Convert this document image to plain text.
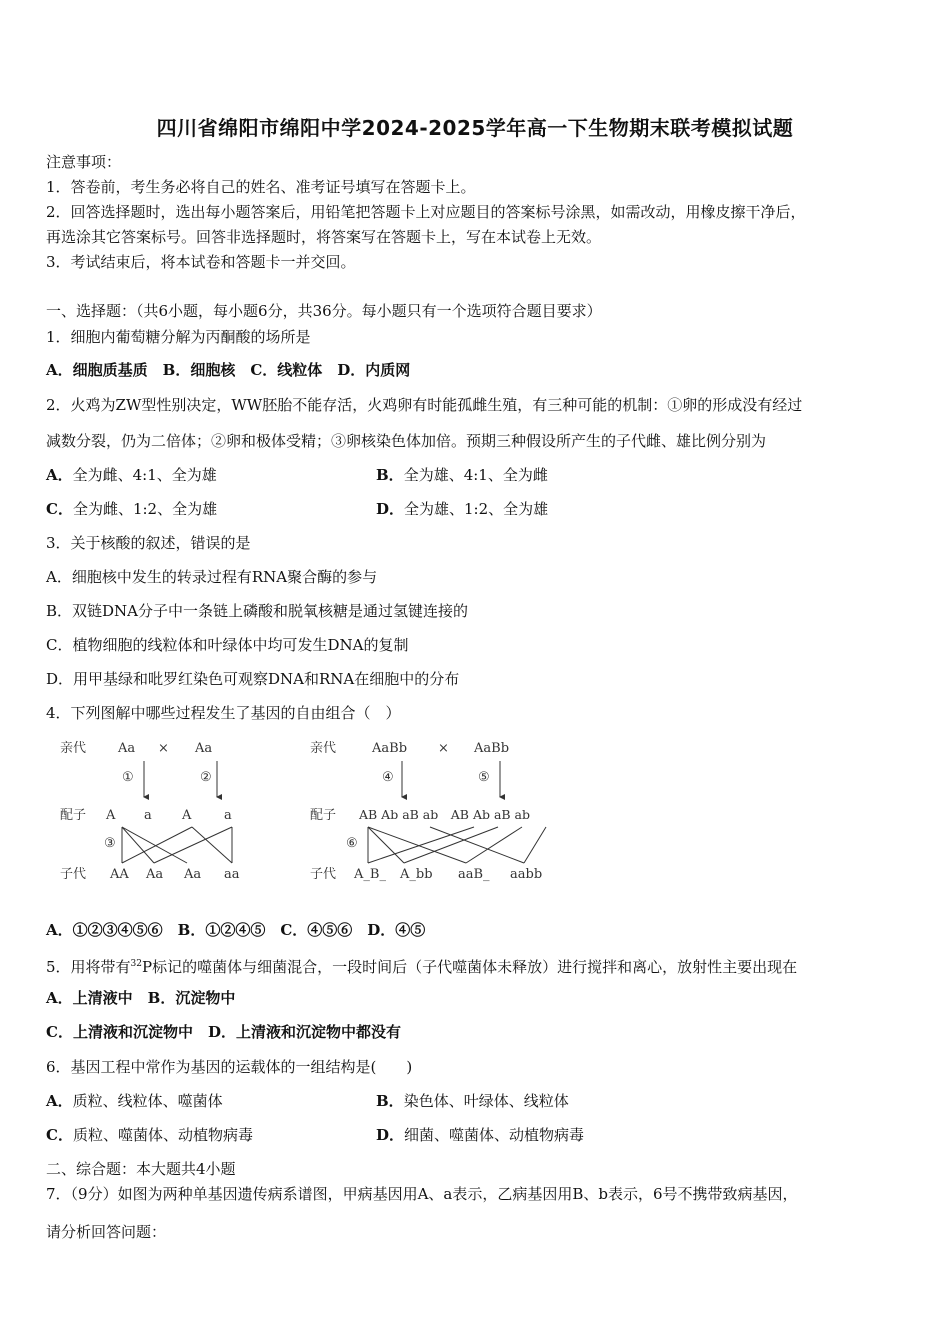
四川省绵阳市绵阳中学2024-2025学年高一下生物期末联考模拟试题
注意事项：
1．答卷前，考生务必将自己的姓名、准考证号填写在答题卡上。
2．回答选择题时，选出每小题答案后，用铅笔把答题卡上对应题目的答案标号涂黑，如需改动，用橡皮擦干净后，
再选涂其它答案标号。回答非选择题时，将答案写在答题卡上，写在本试卷上无效。
3．考试结束后，将本试卷和答题卡一并交回。
一、选择题：（共6小题，每小题6分，共36分。每小题只有一个选项符合题目要求）
1．细胞内葡萄糖分解为丙酮酸的场所是
A．细胞质基质　B．细胞核　C．线粒体　D．内质网
2．火鸡为ZW型性别决定，WW胚胎不能存活，火鸡卵有时能孤雌生殖，有三种可能的机制：①卵的形成没有经过
减数分裂，仍为二倍体；②卵和极体受精；③卵核染色体加倍。预期三种假设所产生的子代雌、雄比例分别为
A．全为雌、4:1、全为雄	B．全为雄、4:1、全为雌
C．全为雌、1:2、全为雄	D．全为雄、1:2、全为雄
3．关于核酸的叙述，错误的是
A．细胞核中发生的转录过程有RNA聚合酶的参与
B．双链DNA分子中一条链上磷酸和脱氧核糖是通过氢键连接的
C．植物细胞的线粒体和叶绿体中均可发生DNA的复制
D．用甲基绿和吡罗红染色可观察DNA和RNA在细胞中的分布
4．下列图解中哪些过程发生了基因的自由组合（　）
亲代 Aa × Aa
①	②
配子 A a A	a
③
子代 AA Aa Aa aa
亲代	AaBb × AaBb
④	⑤
配子 AB Ab aB ab　AB Ab aB ab
⑥
子代 A_B_ A_bb aaB_ aabb
A．①②③④⑤⑥　B．①②④⑤　C．④⑤⑥　D．④⑤
5．用将带有$^{32}$P标记的噬菌体与细菌混合，一段时间后（子代噬菌体未释放）进行搅拌和离心，放射性主要出现在
A．上清液中　B．沉淀物中
C．上清液和沉淀物中　D．上清液和沉淀物中都没有
6．基因工程中常作为基因的运载体的一组结构是(　　)
A．质粒、线粒体、噬菌体	B．染色体、叶绿体、线粒体
C．质粒、噬菌体、动植物病毒	D．细菌、噬菌体、动植物病毒
二、综合题：本大题共4小题
7．（9分）如图为两种单基因遗传病系谱图，甲病基因用A、a表示，乙病基因用B、b表示，6号不携带致病基因，
请分析回答问题：
